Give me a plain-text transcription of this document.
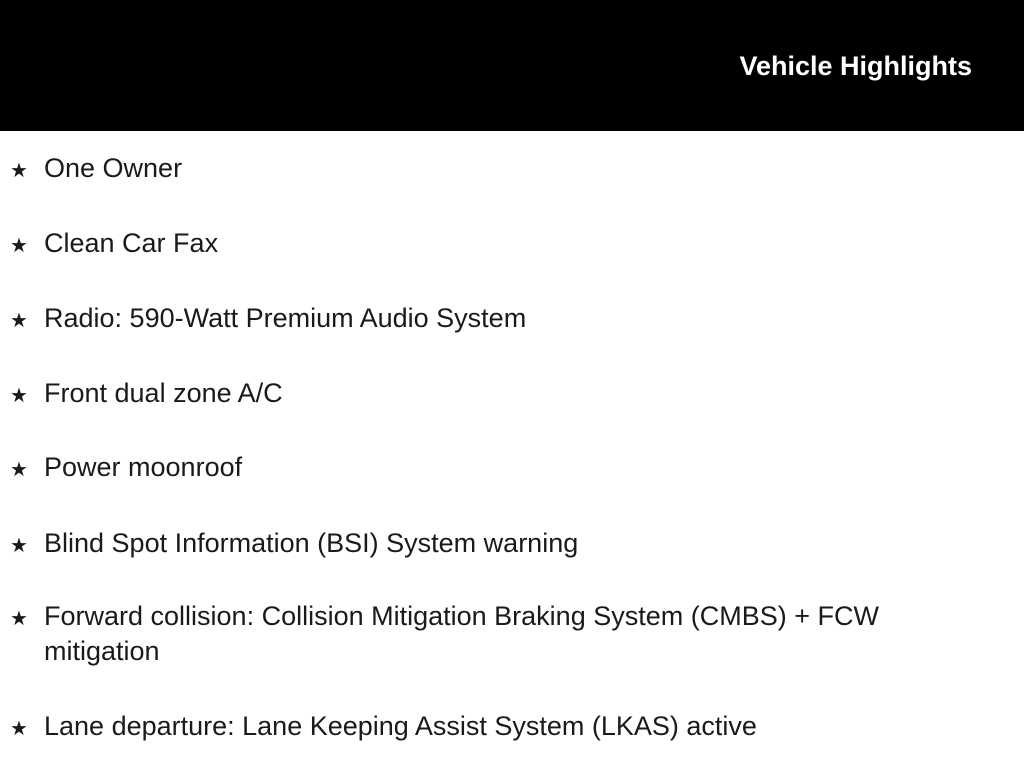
Vehicle Highlights
★ One Owner
★ Clean Car Fax
★ Radio: 590-Watt Premium Audio System
★ Front dual zone A/C
★ Power moonroof
★ Blind Spot Information (BSI) System warning
★ Forward collision: Collision Mitigation Braking System (CMBS) + FCW mitigation
★ Lane departure: Lane Keeping Assist System (LKAS) active
